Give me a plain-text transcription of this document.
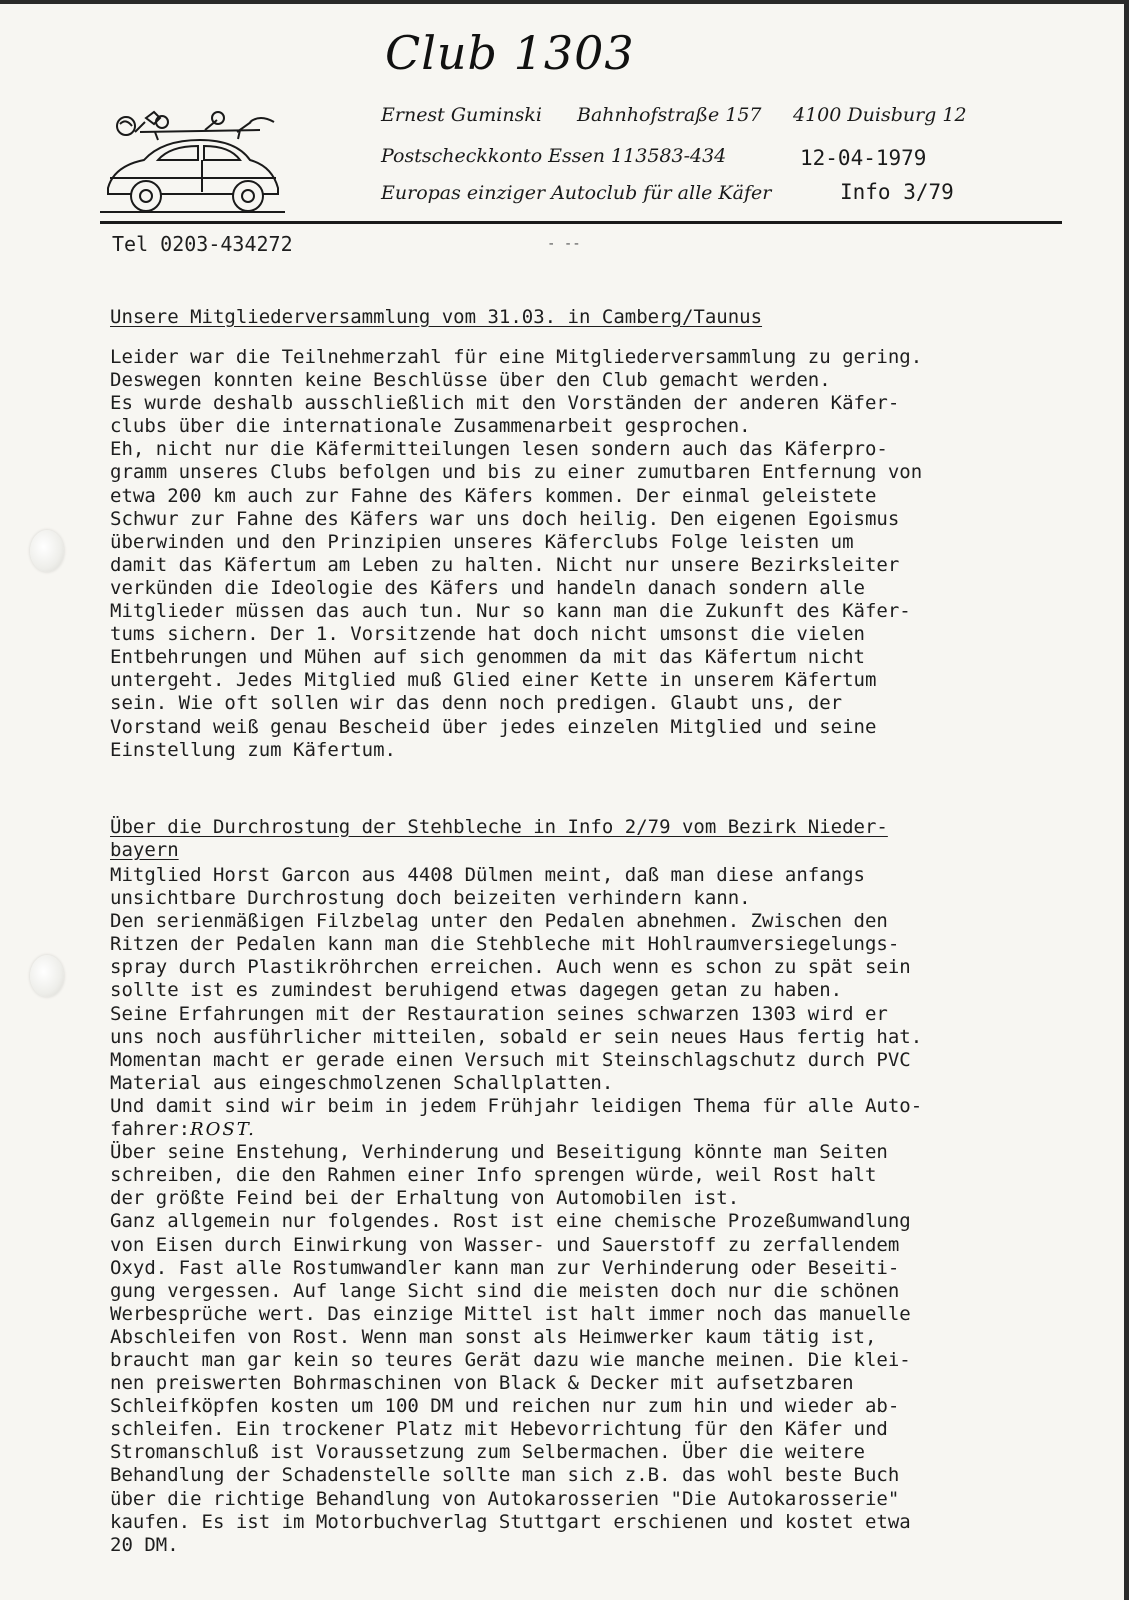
Club 1303
Ernest Guminski Bahnhofstraße 157 4100 Duisburg 12
Postscheckkonto Essen 113583-434	12-04-1979
Europas einziger Autoclub für alle Käfer	Info 3/79
Tel 0203-434272	- --
Unsere Mitgliederversammlung vom 31.03. in Camberg/Taunus
Leider war die Teilnehmerzahl für eine Mitgliederversammlung zu gering.
Deswegen konnten keine Beschlüsse über den Club gemacht werden.
Es wurde deshalb ausschließlich mit den Vorständen der anderen Käfer-
clubs über die internationale Zusammenarbeit gesprochen.
Eh, nicht nur die Käfermitteilungen lesen sondern auch das Käferpro-
gramm unseres Clubs befolgen und bis zu einer zumutbaren Entfernung von
etwa 200 km auch zur Fahne des Käfers kommen. Der einmal geleistete
Schwur zur Fahne des Käfers war uns doch heilig. Den eigenen Egoismus
überwinden und den Prinzipien unseres Käferclubs Folge leisten um
damit das Käfertum am Leben zu halten. Nicht nur unsere Bezirksleiter
verkünden die Ideologie des Käfers und handeln danach sondern alle
Mitglieder müssen das auch tun. Nur so kann man die Zukunft des Käfer-
tums sichern. Der 1. Vorsitzende hat doch nicht umsonst die vielen
Entbehrungen und Mühen auf sich genommen da mit das Käfertum nicht
untergeht. Jedes Mitglied muß Glied einer Kette in unserem Käfertum
sein. Wie oft sollen wir das denn noch predigen. Glaubt uns, der
Vorstand weiß genau Bescheid über jedes einzelen Mitglied und seine
Einstellung zum Käfertum.
Über die Durchrostung der Stehbleche in Info 2/79 vom Bezirk Nieder-
bayern
Mitglied Horst Garcon aus 4408 Dülmen meint, daß man diese anfangs
unsichtbare Durchrostung doch beizeiten verhindern kann.
Den serienmäßigen Filzbelag unter den Pedalen abnehmen. Zwischen den
Ritzen der Pedalen kann man die Stehbleche mit Hohlraumversiegelungs-
spray durch Plastikröhrchen erreichen. Auch wenn es schon zu spät sein
sollte ist es zumindest beruhigend etwas dagegen getan zu haben.
Seine Erfahrungen mit der Restauration seines schwarzen 1303 wird er
uns noch ausführlicher mitteilen, sobald er sein neues Haus fertig hat.
Momentan macht er gerade einen Versuch mit Steinschlagschutz durch PVC
Material aus eingeschmolzenen Schallplatten.
Und damit sind wir beim in jedem Frühjahr leidigen Thema für alle Auto-
fahrer:ROST.
Über seine Enstehung, Verhinderung und Beseitigung könnte man Seiten
schreiben, die den Rahmen einer Info sprengen würde, weil Rost halt
der größte Feind bei der Erhaltung von Automobilen ist.
Ganz allgemein nur folgendes. Rost ist eine chemische Prozeßumwandlung
von Eisen durch Einwirkung von Wasser- und Sauerstoff zu zerfallendem
Oxyd. Fast alle Rostumwandler kann man zur Verhinderung oder Beseiti-
gung vergessen. Auf lange Sicht sind die meisten doch nur die schönen
Werbesprüche wert. Das einzige Mittel ist halt immer noch das manuelle
Abschleifen von Rost. Wenn man sonst als Heimwerker kaum tätig ist,
braucht man gar kein so teures Gerät dazu wie manche meinen. Die klei-
nen preiswerten Bohrmaschinen von Black & Decker mit aufsetzbaren
Schleifköpfen kosten um 100 DM und reichen nur zum hin und wieder ab-
schleifen. Ein trockener Platz mit Hebevorrichtung für den Käfer und
Stromanschluß ist Voraussetzung zum Selbermachen. Über die weitere
Behandlung der Schadenstelle sollte man sich z.B. das wohl beste Buch
über die richtige Behandlung von Autokarosserien "Die Autokarosserie"
kaufen. Es ist im Motorbuchverlag Stuttgart erschienen und kostet etwa
20 DM.
